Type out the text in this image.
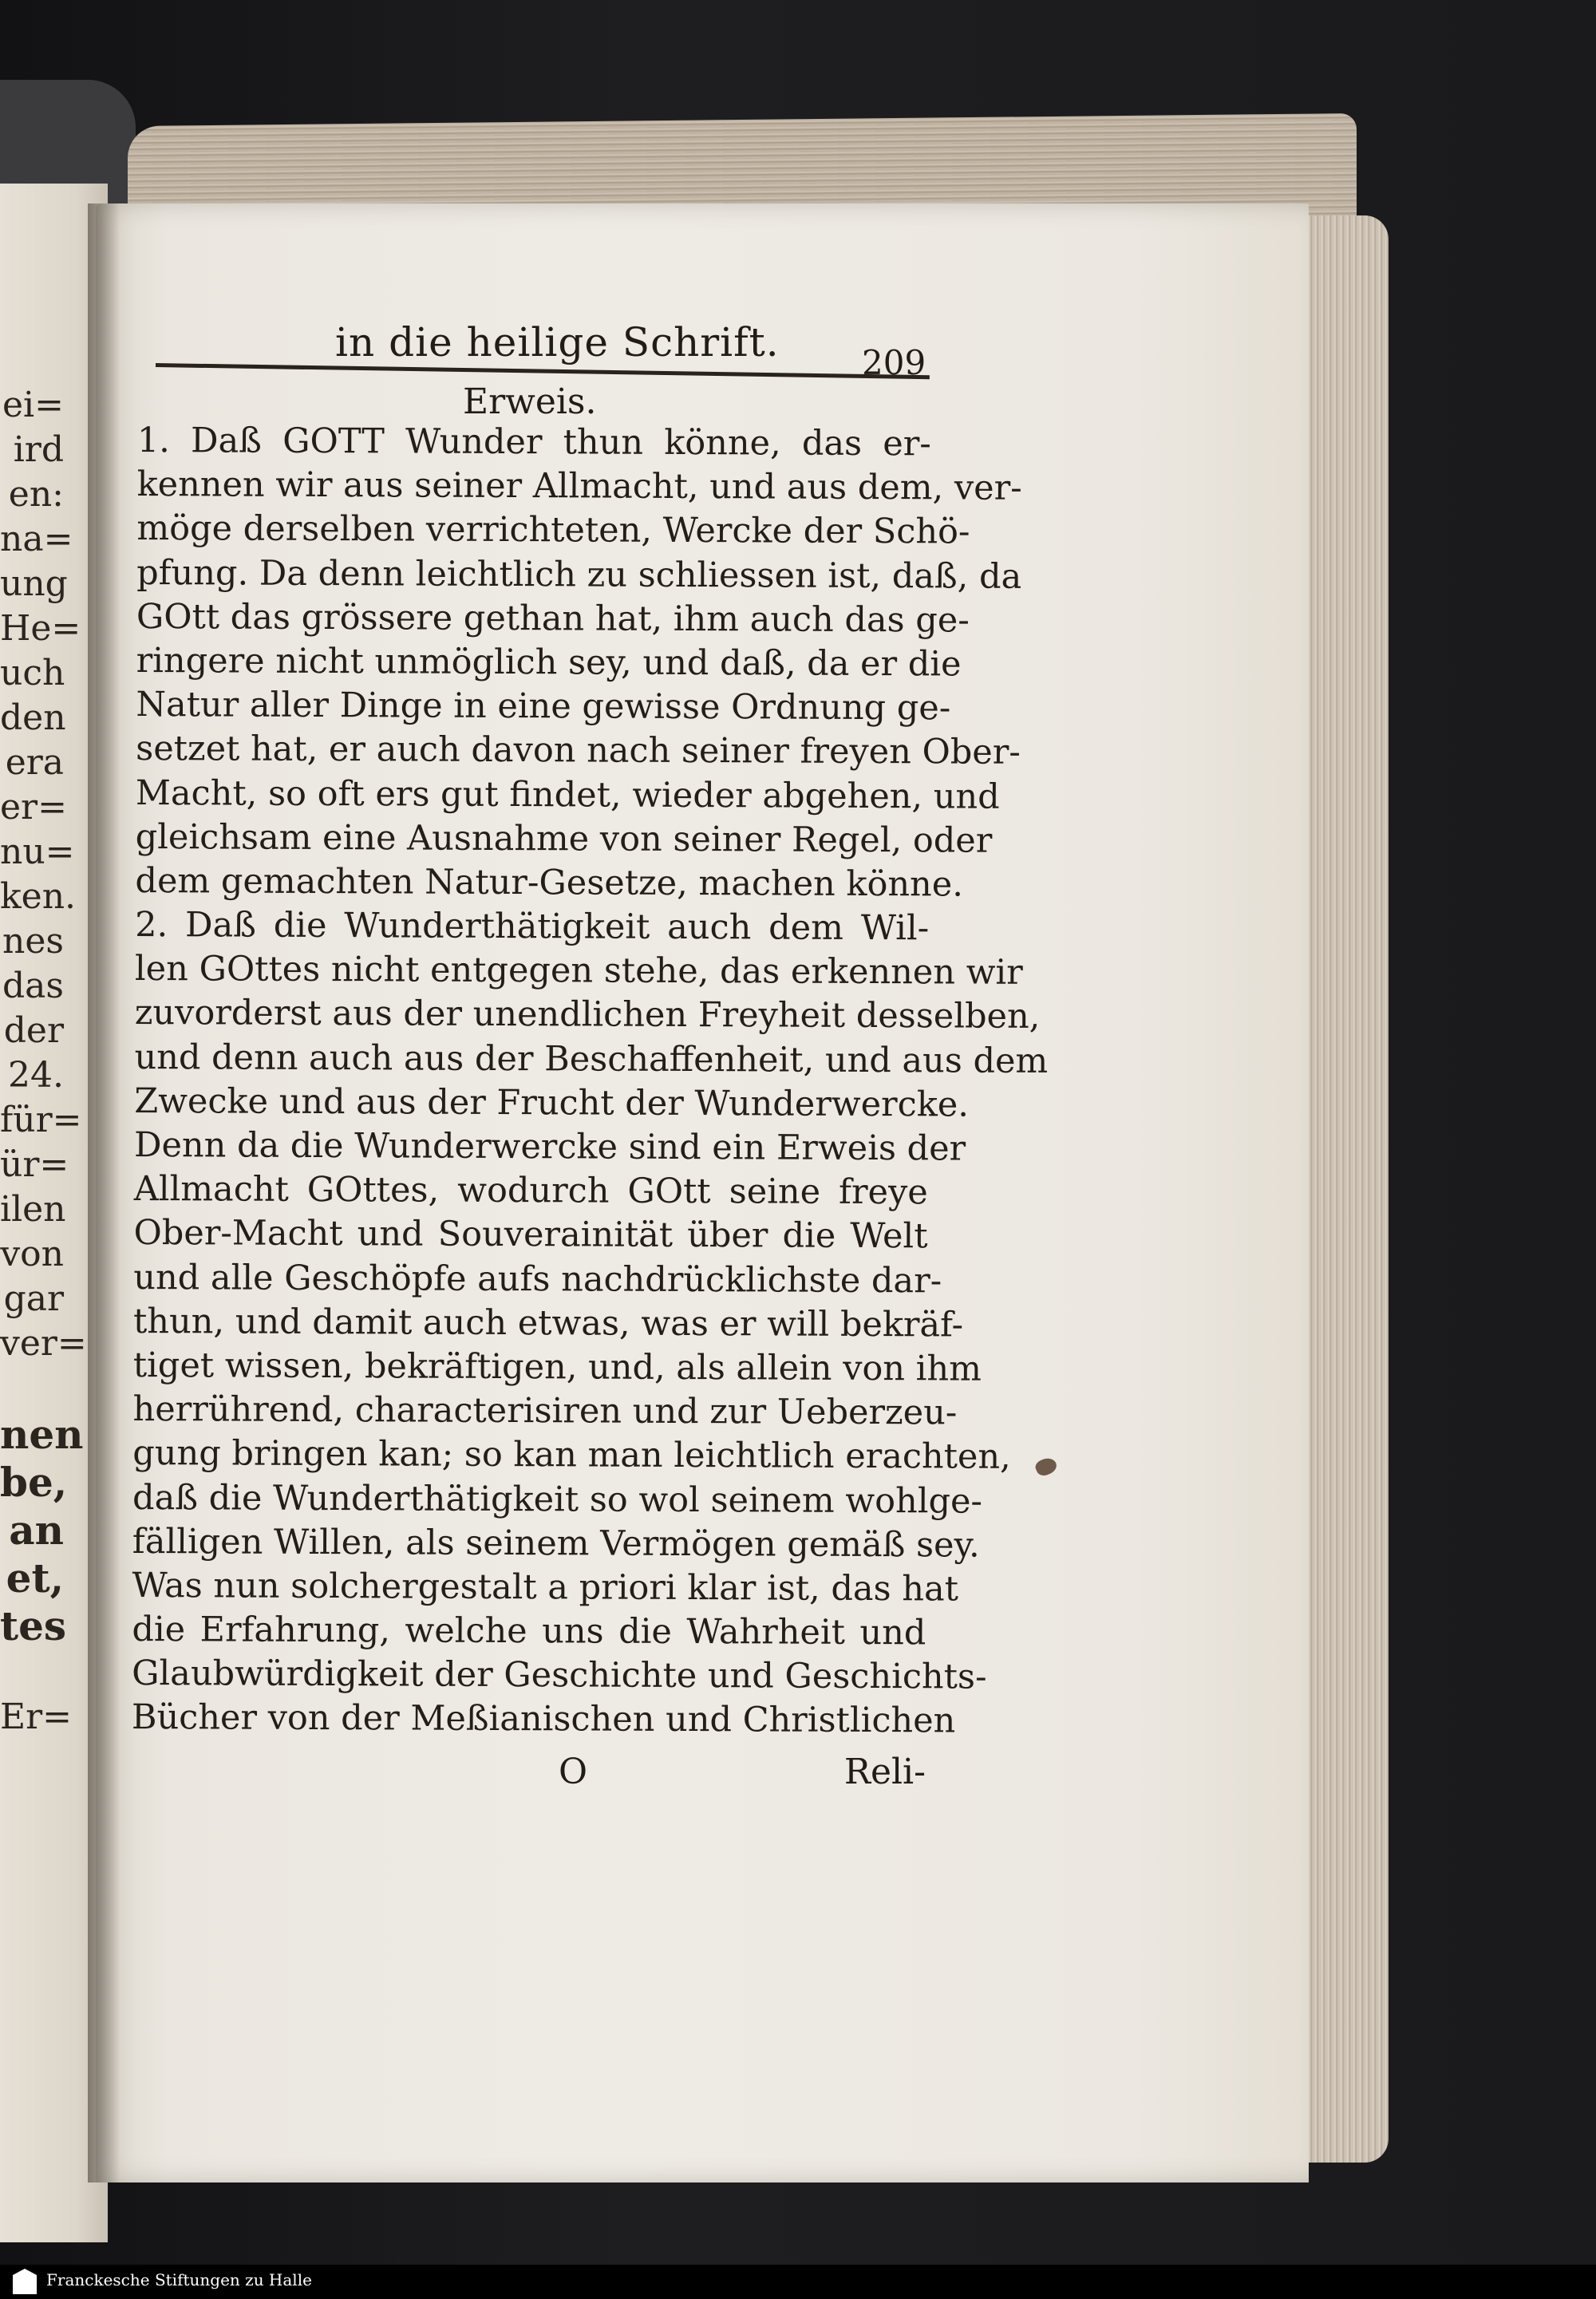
ei=
ird
en:
na=
ung
He=
uch
den
era
er=
nu=
ken.
nes
das
der
24.
für=
ür=
ilen
von
gar
ver=
nen
be,
an
et,
tes
Er=
in die heilige Schrift. 209
Erweis.
1. Daß GOTT Wunder thun könne, das er-
kennen wir aus seiner Allmacht, und aus dem, ver-
möge derselben verrichteten, Wercke der Schö-
pfung. Da denn leichtlich zu schliessen ist, daß, da
GOtt das grössere gethan hat, ihm auch das ge-
ringere nicht unmöglich sey, und daß, da er die
Natur aller Dinge in eine gewisse Ordnung ge-
setzet hat, er auch davon nach seiner freyen Ober-
Macht, so oft ers gut findet, wieder abgehen, und
gleichsam eine Ausnahme von seiner Regel, oder
dem gemachten Natur-Gesetze, machen könne.
2. Daß die Wunderthätigkeit auch dem Wil-
len GOttes nicht entgegen stehe, das erkennen wir
zuvorderst aus der unendlichen Freyheit desselben,
und denn auch aus der Beschaffenheit, und aus dem
Zwecke und aus der Frucht der Wunderwercke.
Denn da die Wunderwercke sind ein Erweis der
Allmacht GOttes, wodurch GOtt seine freye
Ober-Macht und Souverainität über die Welt
und alle Geschöpfe aufs nachdrücklichste dar-
thun, und damit auch etwas, was er will bekräf-
tiget wissen, bekräftigen, und, als allein von ihm
herrührend, characterisiren und zur Ueberzeu-
gung bringen kan; so kan man leichtlich erachten,
daß die Wunderthätigkeit so wol seinem wohlge-
fälligen Willen, als seinem Vermögen gemäß sey.
Was nun solchergestalt a priori klar ist, das hat
die Erfahrung, welche uns die Wahrheit und
Glaubwürdigkeit der Geschichte und Geschichts-
Bücher von der Meßianischen und Christlichen
O	Reli-
Franckesche Stiftungen zu Halle
